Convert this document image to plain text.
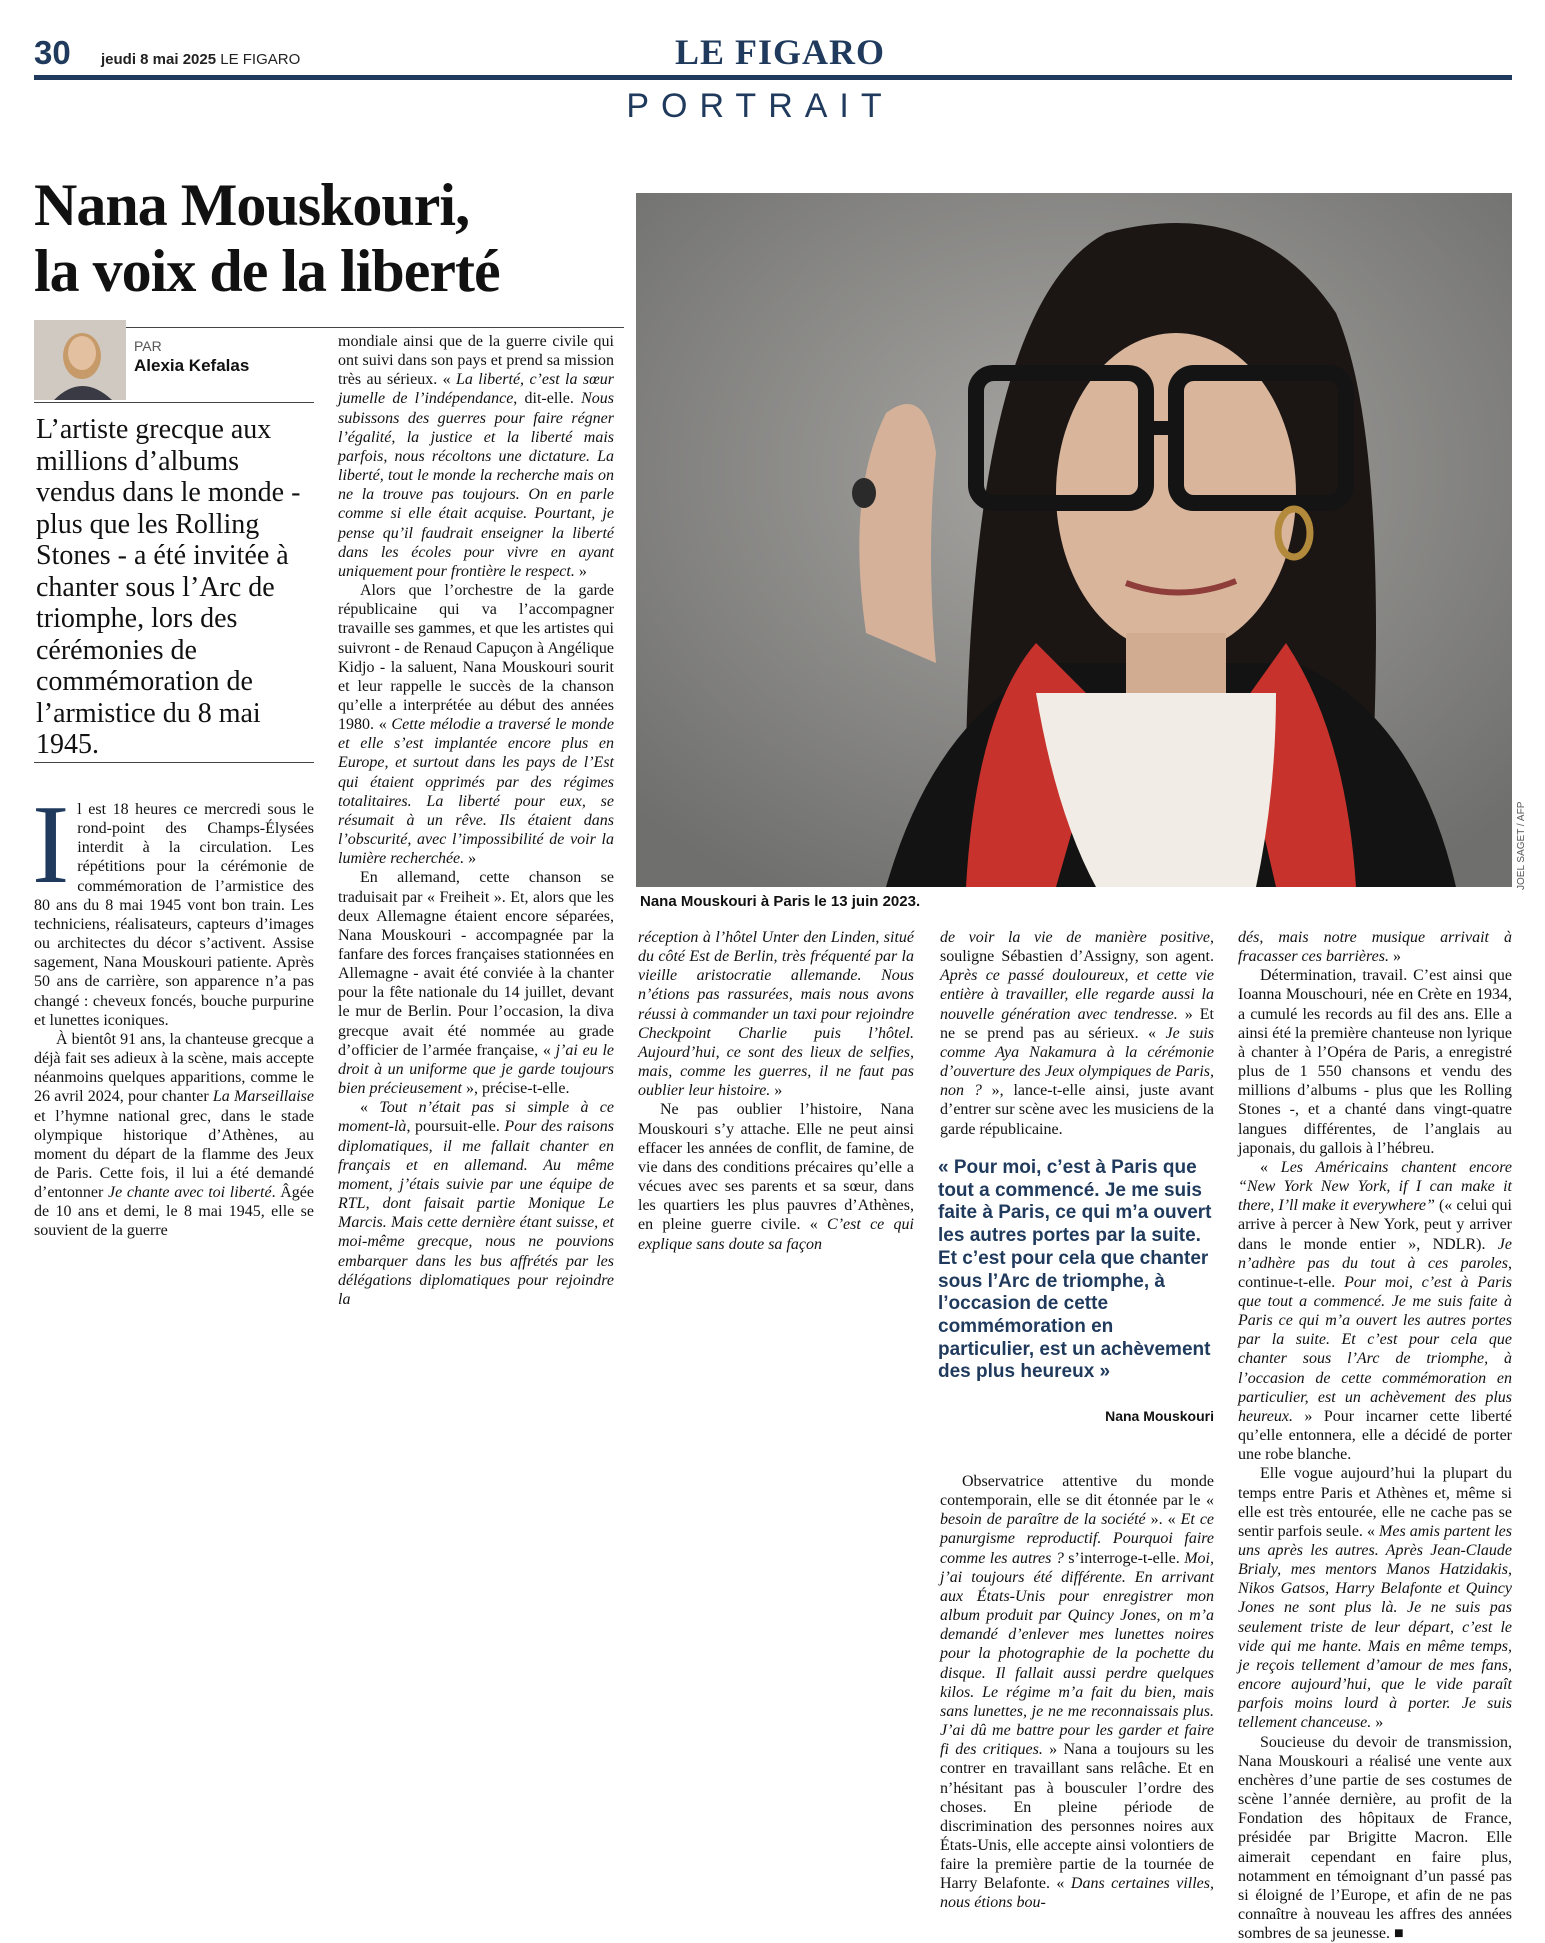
30 jeudi 8 mai 2025 LE FIGARO	LE FIGARO
PORTRAIT
Nana Mouskouri,
la voix de la liberté
PAR
Alexia Kefalas
L’artiste grecque aux millions d’albums vendus dans le monde - plus que les Rolling Stones - a été invitée à chanter sous l’Arc de triomphe, lors des cérémonies de commémoration de l’armistice du 8 mai 1945.
JOEL SAGET / AFP
Nana Mouskouri à Paris le 13 juin 2023.
I l est 18 heures ce mercredi sous le rond-point des Champs-Élysées interdit à la circulation. Les répétitions pour la cérémonie de commémoration de l’armistice des 80 ans du 8 mai 1945 vont bon train. Les techniciens, réalisateurs, capteurs d’images ou architectes du décor s’activent. Assise sagement, Nana Mouskouri patiente. Après 50 ans de carrière, son apparence n’a pas changé : cheveux foncés, bouche purpurine et lunettes iconiques.

À bientôt 91 ans, la chanteuse grecque a déjà fait ses adieux à la scène, mais accepte néanmoins quelques apparitions, comme le 26 avril 2024, pour chanter La Marseillaise et l’hymne national grec, dans le stade olympique historique d’Athènes, au moment du départ de la flamme des Jeux de Paris. Cette fois, il lui a été demandé d’entonner Je chante avec toi liberté. Âgée de 10 ans et demi, le 8 mai 1945, elle se souvient de la guerre

mondiale ainsi que de la guerre civile qui ont suivi dans son pays et prend sa mission très au sérieux. « La liberté, c’est la sœur jumelle de l’indépendance, dit-elle. Nous subissons des guerres pour faire régner l’égalité, la justice et la liberté mais parfois, nous récoltons une dictature. La liberté, tout le monde la recherche mais on ne la trouve pas toujours. On en parle comme si elle était acquise. Pourtant, je pense qu’il faudrait enseigner la liberté dans les écoles pour vivre en ayant uniquement pour frontière le respect. »

Alors que l’orchestre de la garde républicaine qui va l’accompagner travaille ses gammes, et que les artistes qui suivront - de Renaud Capuçon à Angélique Kidjo - la saluent, Nana Mouskouri sourit et leur rappelle le succès de la chanson qu’elle a interprétée au début des années 1980. « Cette mélodie a traversé le monde et elle s’est implantée encore plus en Europe, et surtout dans les pays de l’Est qui étaient opprimés par des régimes totalitaires. La liberté pour eux, se résumait à un rêve. Ils étaient dans l’obscurité, avec l’impossibilité de voir la lumière recherchée. »

En allemand, cette chanson se traduisait par « Freiheit ». Et, alors que les deux Allemagne étaient encore séparées, Nana Mouskouri - accompagnée par la fanfare des forces françaises stationnées en Allemagne - avait été conviée à la chanter pour la fête nationale du 14 juillet, devant le mur de Berlin. Pour l’occasion, la diva grecque avait été nommée au grade d’officier de l’armée française, « j’ai eu le droit à un uniforme que je garde toujours bien précieusement », précise-t-elle.

« Tout n’était pas si simple à ce moment-là, poursuit-elle. Pour des raisons diplomatiques, il me fallait chanter en français et en allemand. Au même moment, j’étais suivie par une équipe de RTL, dont faisait partie Monique Le Marcis. Mais cette dernière étant suisse, et moi-même grecque, nous ne pouvions embarquer dans les bus affrétés par les délégations diplomatiques pour rejoindre la

réception à l’hôtel Unter den Linden, situé du côté Est de Berlin, très fréquenté par la vieille aristocratie allemande. Nous n’étions pas rassurées, mais nous avons réussi à commander un taxi pour rejoindre Checkpoint Charlie puis l’hôtel. Aujourd’hui, ce sont des lieux de selfies, mais, comme les guerres, il ne faut pas oublier leur histoire. »

Ne pas oublier l’histoire, Nana Mouskouri s’y attache. Elle ne peut ainsi effacer les années de conflit, de famine, de vie dans des conditions précaires qu’elle a vécues avec ses parents et sa sœur, dans les quartiers les plus pauvres d’Athènes, en pleine guerre civile. « C’est ce qui explique sans doute sa façon

de voir la vie de manière positive, souligne Sébastien d’Assigny, son agent. Après ce passé douloureux, et cette vie entière à travailler, elle regarde aussi la nouvelle génération avec tendresse. » Et ne se prend pas au sérieux. « Je suis comme Aya Nakamura à la cérémonie d’ouverture des Jeux olympiques de Paris, non ? », lance-t-elle ainsi, juste avant d’entrer sur scène avec les musiciens de la garde républicaine.

« Pour moi, c’est à Paris que tout a commencé. Je me suis faite à Paris, ce qui m’a ouvert les autres portes par la suite. Et c’est pour cela que chanter sous l’Arc de triomphe, à l’occasion de cette commémoration en particulier, est un achèvement des plus heureux »
Nana Mouskouri

Observatrice attentive du monde contemporain, elle se dit étonnée par le « besoin de paraître de la société ». « Et ce panurgisme reproductif. Pourquoi faire comme les autres ? s’interroge-t-elle. Moi, j’ai toujours été différente. En arrivant aux États-Unis pour enregistrer mon album produit par Quincy Jones, on m’a demandé d’enlever mes lunettes noires pour la photographie de la pochette du disque. Il fallait aussi perdre quelques kilos. Le régime m’a fait du bien, mais sans lunettes, je ne me reconnaissais plus. J’ai dû me battre pour les garder et faire fi des critiques. » Nana a toujours su les contrer en travaillant sans relâche. Et en n’hésitant pas à bousculer l’ordre des choses. En pleine période de discrimination des personnes noires aux États-Unis, elle accepte ainsi volontiers de faire la première partie de la tournée de Harry Belafonte. « Dans certaines villes, nous étions bou-

dés, mais notre musique arrivait à fracasser ces barrières. »

Détermination, travail. C’est ainsi que Ioanna Mouschouri, née en Crète en 1934, a cumulé les records au fil des ans. Elle a ainsi été la première chanteuse non lyrique à chanter à l’Opéra de Paris, a enregistré plus de 1 550 chansons et vendu des millions d’albums - plus que les Rolling Stones -, et a chanté dans vingt-quatre langues différentes, de l’anglais au japonais, du gallois à l’hébreu.

« Les Américains chantent encore “New York New York, if I can make it there, I’ll make it everywhere” (« celui qui arrive à percer à New York, peut y arriver dans le monde entier », NDLR). Je n’adhère pas du tout à ces paroles, continue-t-elle. Pour moi, c’est à Paris que tout a commencé. Je me suis faite à Paris ce qui m’a ouvert les autres portes par la suite. Et c’est pour cela que chanter sous l’Arc de triomphe, à l’occasion de cette commémoration en particulier, est un achèvement des plus heureux. » Pour incarner cette liberté qu’elle entonnera, elle a décidé de porter une robe blanche.

Elle vogue aujourd’hui la plupart du temps entre Paris et Athènes et, même si elle est très entourée, elle ne cache pas se sentir parfois seule. « Mes amis partent les uns après les autres. Après Jean-Claude Brialy, mes mentors Manos Hatzidakis, Nikos Gatsos, Harry Belafonte et Quincy Jones ne sont plus là. Je ne suis pas seulement triste de leur départ, c’est le vide qui me hante. Mais en même temps, je reçois tellement d’amour de mes fans, encore aujourd’hui, que le vide paraît parfois moins lourd à porter. Je suis tellement chanceuse. »

Soucieuse du devoir de transmission, Nana Mouskouri a réalisé une vente aux enchères d’une partie de ses costumes de scène l’année dernière, au profit de la Fondation des hôpitaux de France, présidée par Brigitte Macron. Elle aimerait cependant en faire plus, notamment en témoignant d’un passé pas si éloigné de l’Europe, et afin de ne pas connaître à nouveau les affres des années sombres de sa jeunesse. ■
